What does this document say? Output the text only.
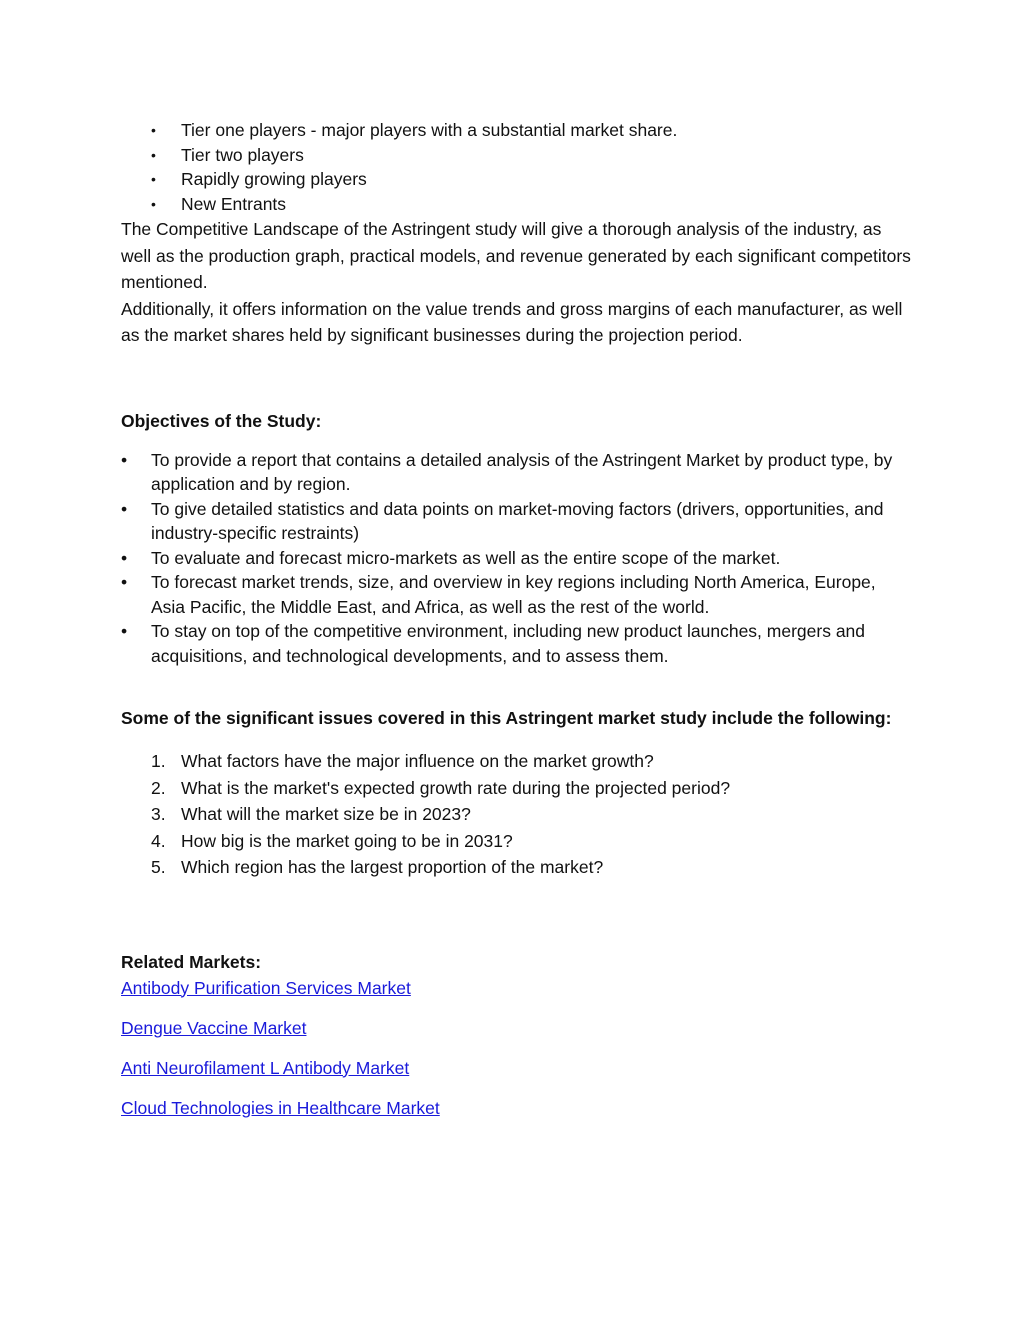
• Tier one players - major players with a substantial market share.
• Tier two players
• Rapidly growing players
• New Entrants

The Competitive Landscape of the Astringent study will give a thorough analysis of the industry, as well as the production graph, practical models, and revenue generated by each significant competitors mentioned.

Additionally, it offers information on the value trends and gross margins of each manufacturer, as well as the market shares held by significant businesses during the projection period.

Objectives of the Study:

• To provide a report that contains a detailed analysis of the Astringent Market by product type, by application and by region.
• To give detailed statistics and data points on market-moving factors (drivers, opportunities, and industry-specific restraints)
• To evaluate and forecast micro-markets as well as the entire scope of the market.
• To forecast market trends, size, and overview in key regions including North America, Europe, Asia Pacific, the Middle East, and Africa, as well as the rest of the world.
• To stay on top of the competitive environment, including new product launches, mergers and acquisitions, and technological developments, and to assess them.

Some of the significant issues covered in this Astringent market study include the following:

1. What factors have the major influence on the market growth?
2. What is the market's expected growth rate during the projected period?
3. What will the market size be in 2023?
4. How big is the market going to be in 2031?
5. Which region has the largest proportion of the market?

Related Markets:

Antibody Purification Services Market
Dengue Vaccine Market
Anti Neurofilament L Antibody Market
Cloud Technologies in Healthcare Market
